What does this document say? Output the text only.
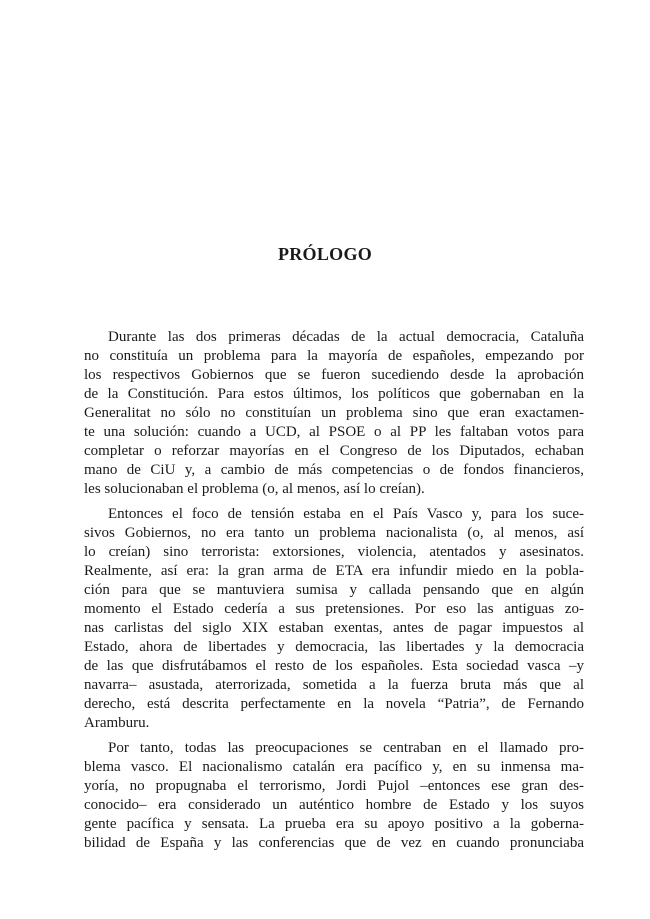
PRÓLOGO
Durante las dos primeras décadas de la actual democracia, Cataluña
no constituía un problema para la mayoría de españoles, empezando por
los respectivos Gobiernos que se fueron sucediendo desde la aprobación
de la Constitución. Para estos últimos, los políticos que gobernaban en la
Generalitat no sólo no constituían un problema sino que eran exactamen-
te una solución: cuando a UCD, al PSOE o al PP les faltaban votos para
completar o reforzar mayorías en el Congreso de los Diputados, echaban
mano de CiU y, a cambio de más competencias o de fondos financieros,
les solucionaban el problema (o, al menos, así lo creían).
Entonces el foco de tensión estaba en el País Vasco y, para los suce-
sivos Gobiernos, no era tanto un problema nacionalista (o, al menos, así
lo creían) sino terrorista: extorsiones, violencia, atentados y asesinatos.
Realmente, así era: la gran arma de ETA era infundir miedo en la pobla-
ción para que se mantuviera sumisa y callada pensando que en algún
momento el Estado cedería a sus pretensiones. Por eso las antiguas zo-
nas carlistas del siglo XIX estaban exentas, antes de pagar impuestos al
Estado, ahora de libertades y democracia, las libertades y la democracia
de las que disfrutábamos el resto de los españoles. Esta sociedad vasca –y
navarra– asustada, aterrorizada, sometida a la fuerza bruta más que al
derecho, está descrita perfectamente en la novela “Patria”, de Fernando
Aramburu.
Por tanto, todas las preocupaciones se centraban en el llamado pro-
blema vasco. El nacionalismo catalán era pacífico y, en su inmensa ma-
yoría, no propugnaba el terrorismo, Jordi Pujol –entonces ese gran des-
conocido– era considerado un auténtico hombre de Estado y los suyos
gente pacífica y sensata. La prueba era su apoyo positivo a la goberna-
bilidad de España y las conferencias que de vez en cuando pronunciaba
